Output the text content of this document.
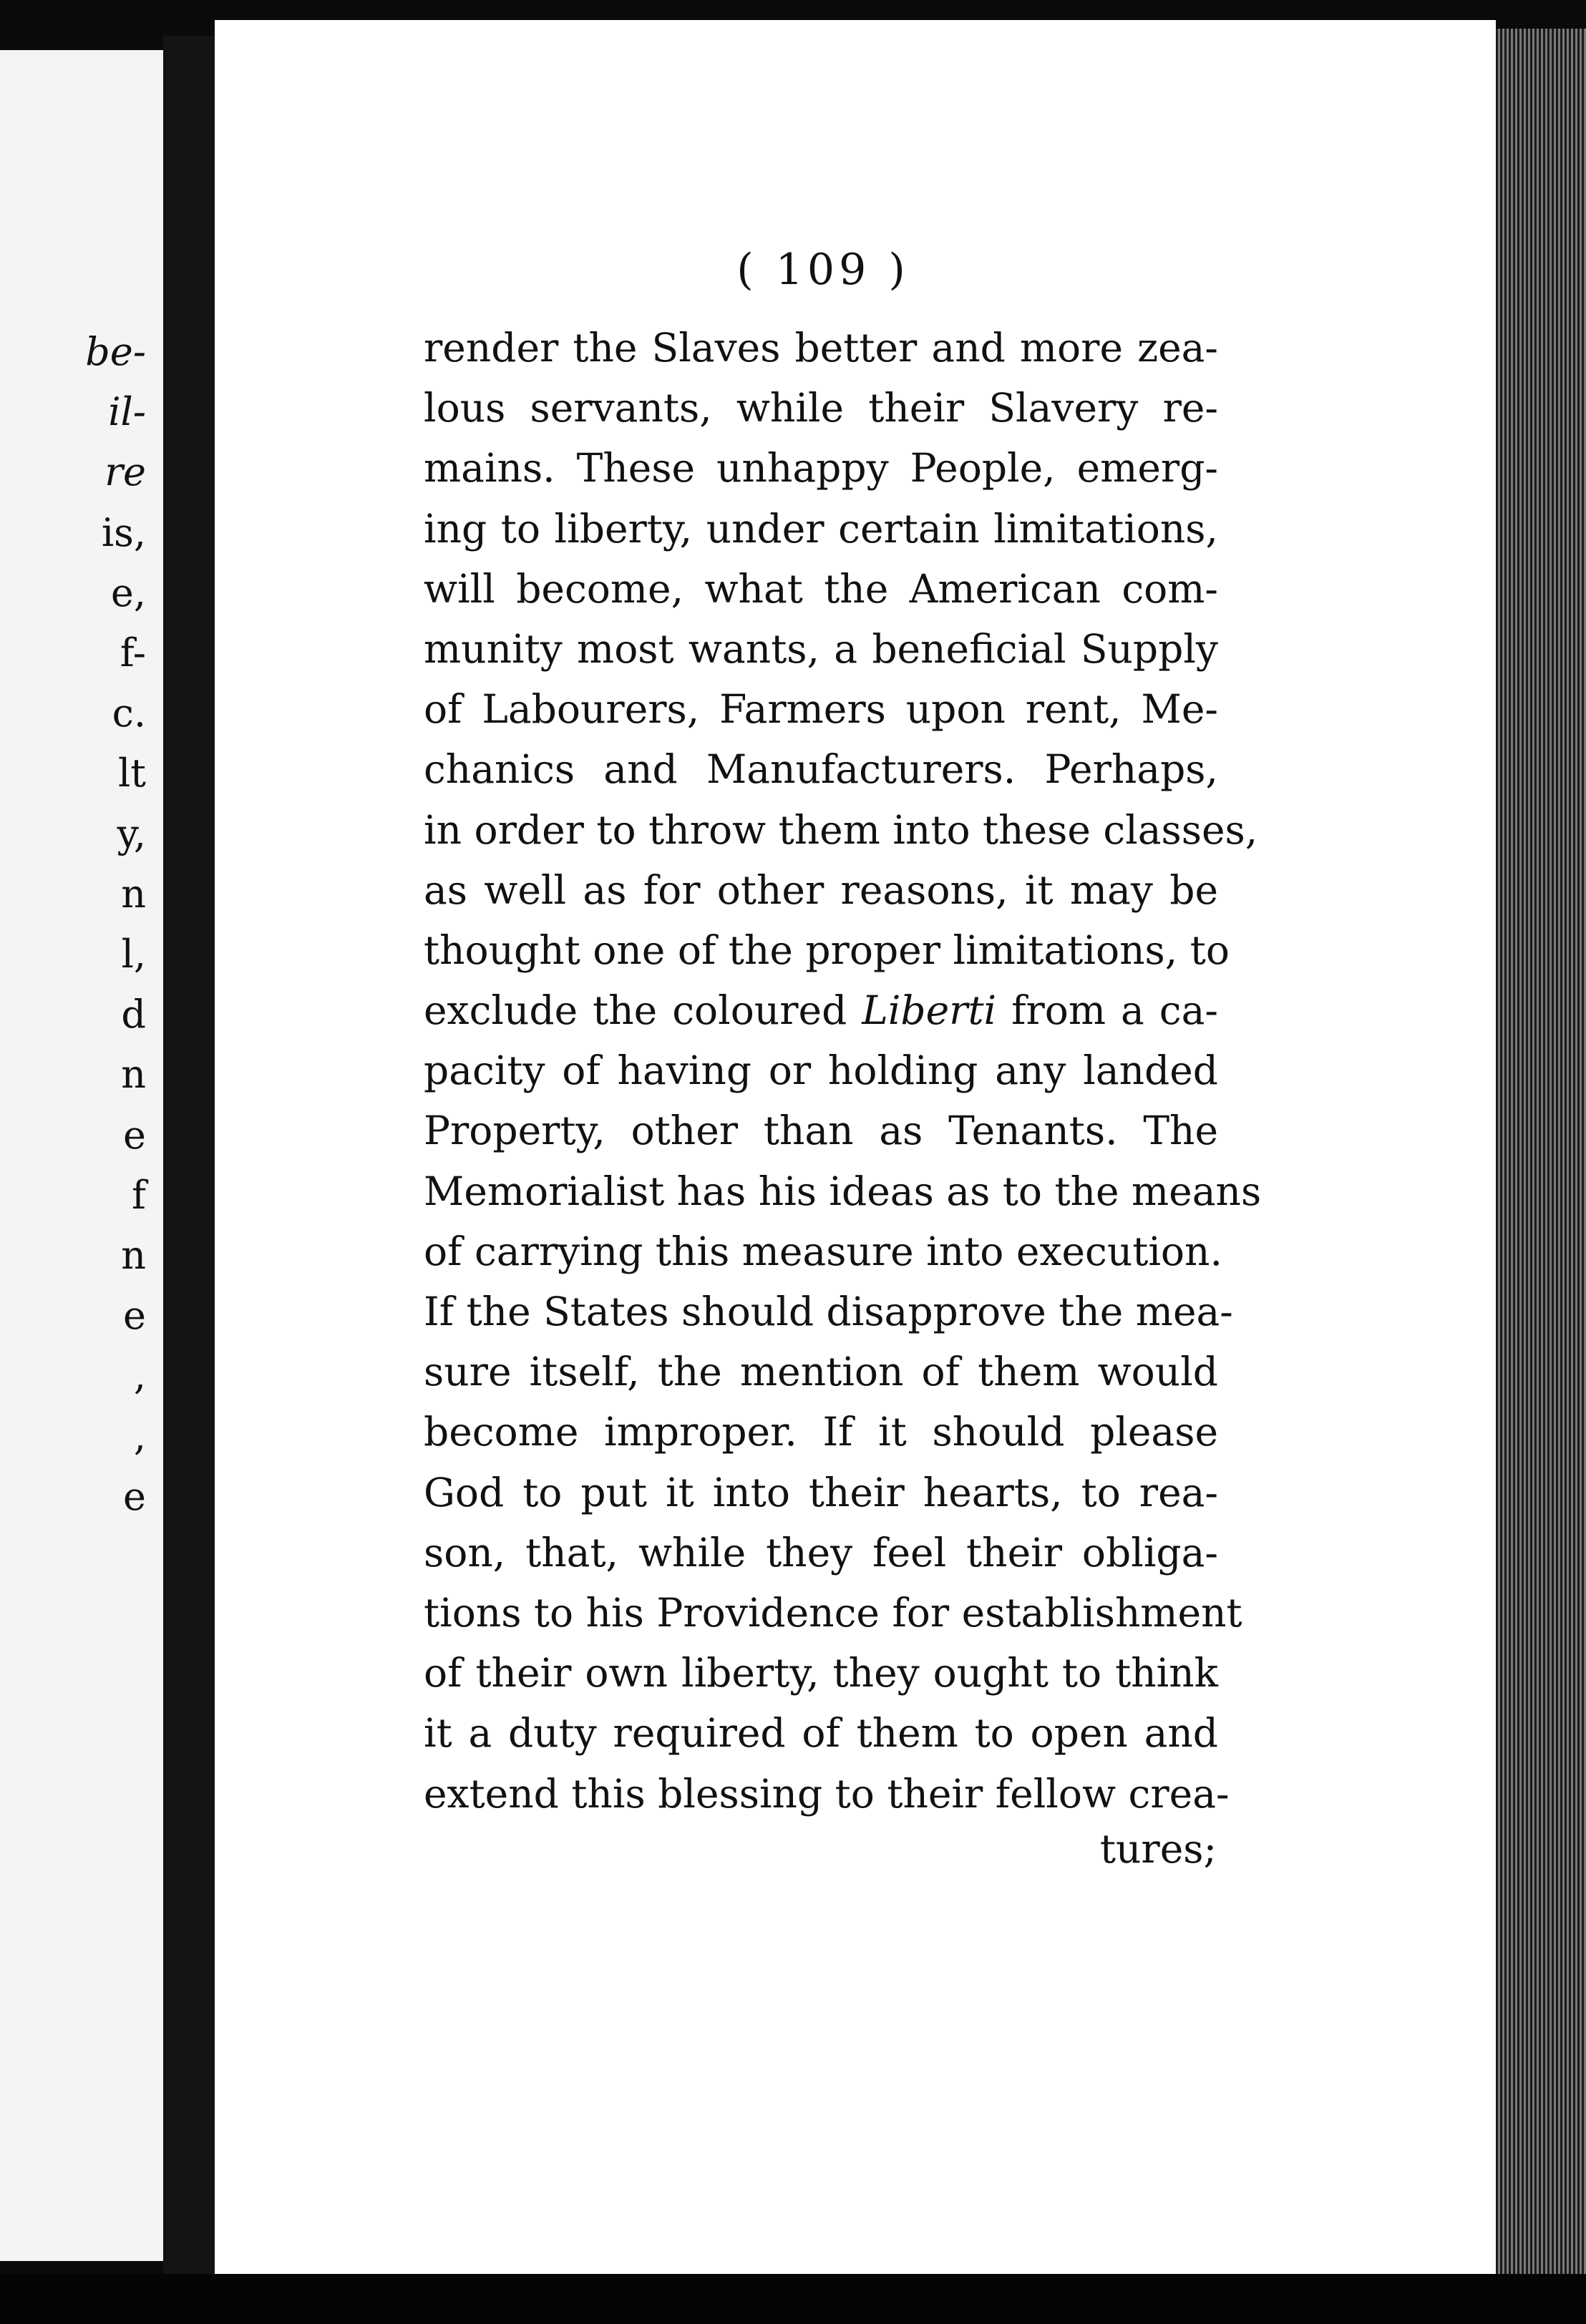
be-
il-
re
is,
e,
f-
c.
lt
y,
n
l,
d
n
e
f
n
e
,
,
e
( 109 )
render the Slaves better and more zea-
lous servants, while their Slavery re-
mains. These unhappy People, emerg-
ing to liberty, under certain limitations,
will become, what the American com-
munity most wants, a beneficial Supply
of Labourers, Farmers upon rent, Me-
chanics and Manufacturers. Perhaps,
in order to throw them into these classes,
as well as for other reasons, it may be
thought one of the proper limitations, to
exclude the coloured Liberti from a ca-
pacity of having or holding any landed
Property, other than as Tenants. The
Memorialist has his ideas as to the means
of carrying this measure into execution.
If the States should disapprove the mea-
sure itself, the mention of them would
become improper. If it should please
God to put it into their hearts, to rea-
son, that, while they feel their obliga-
tions to his Providence for establishment
of their own liberty, they ought to think
it a duty required of them to open and
extend this blessing to their fellow crea-
tures;
